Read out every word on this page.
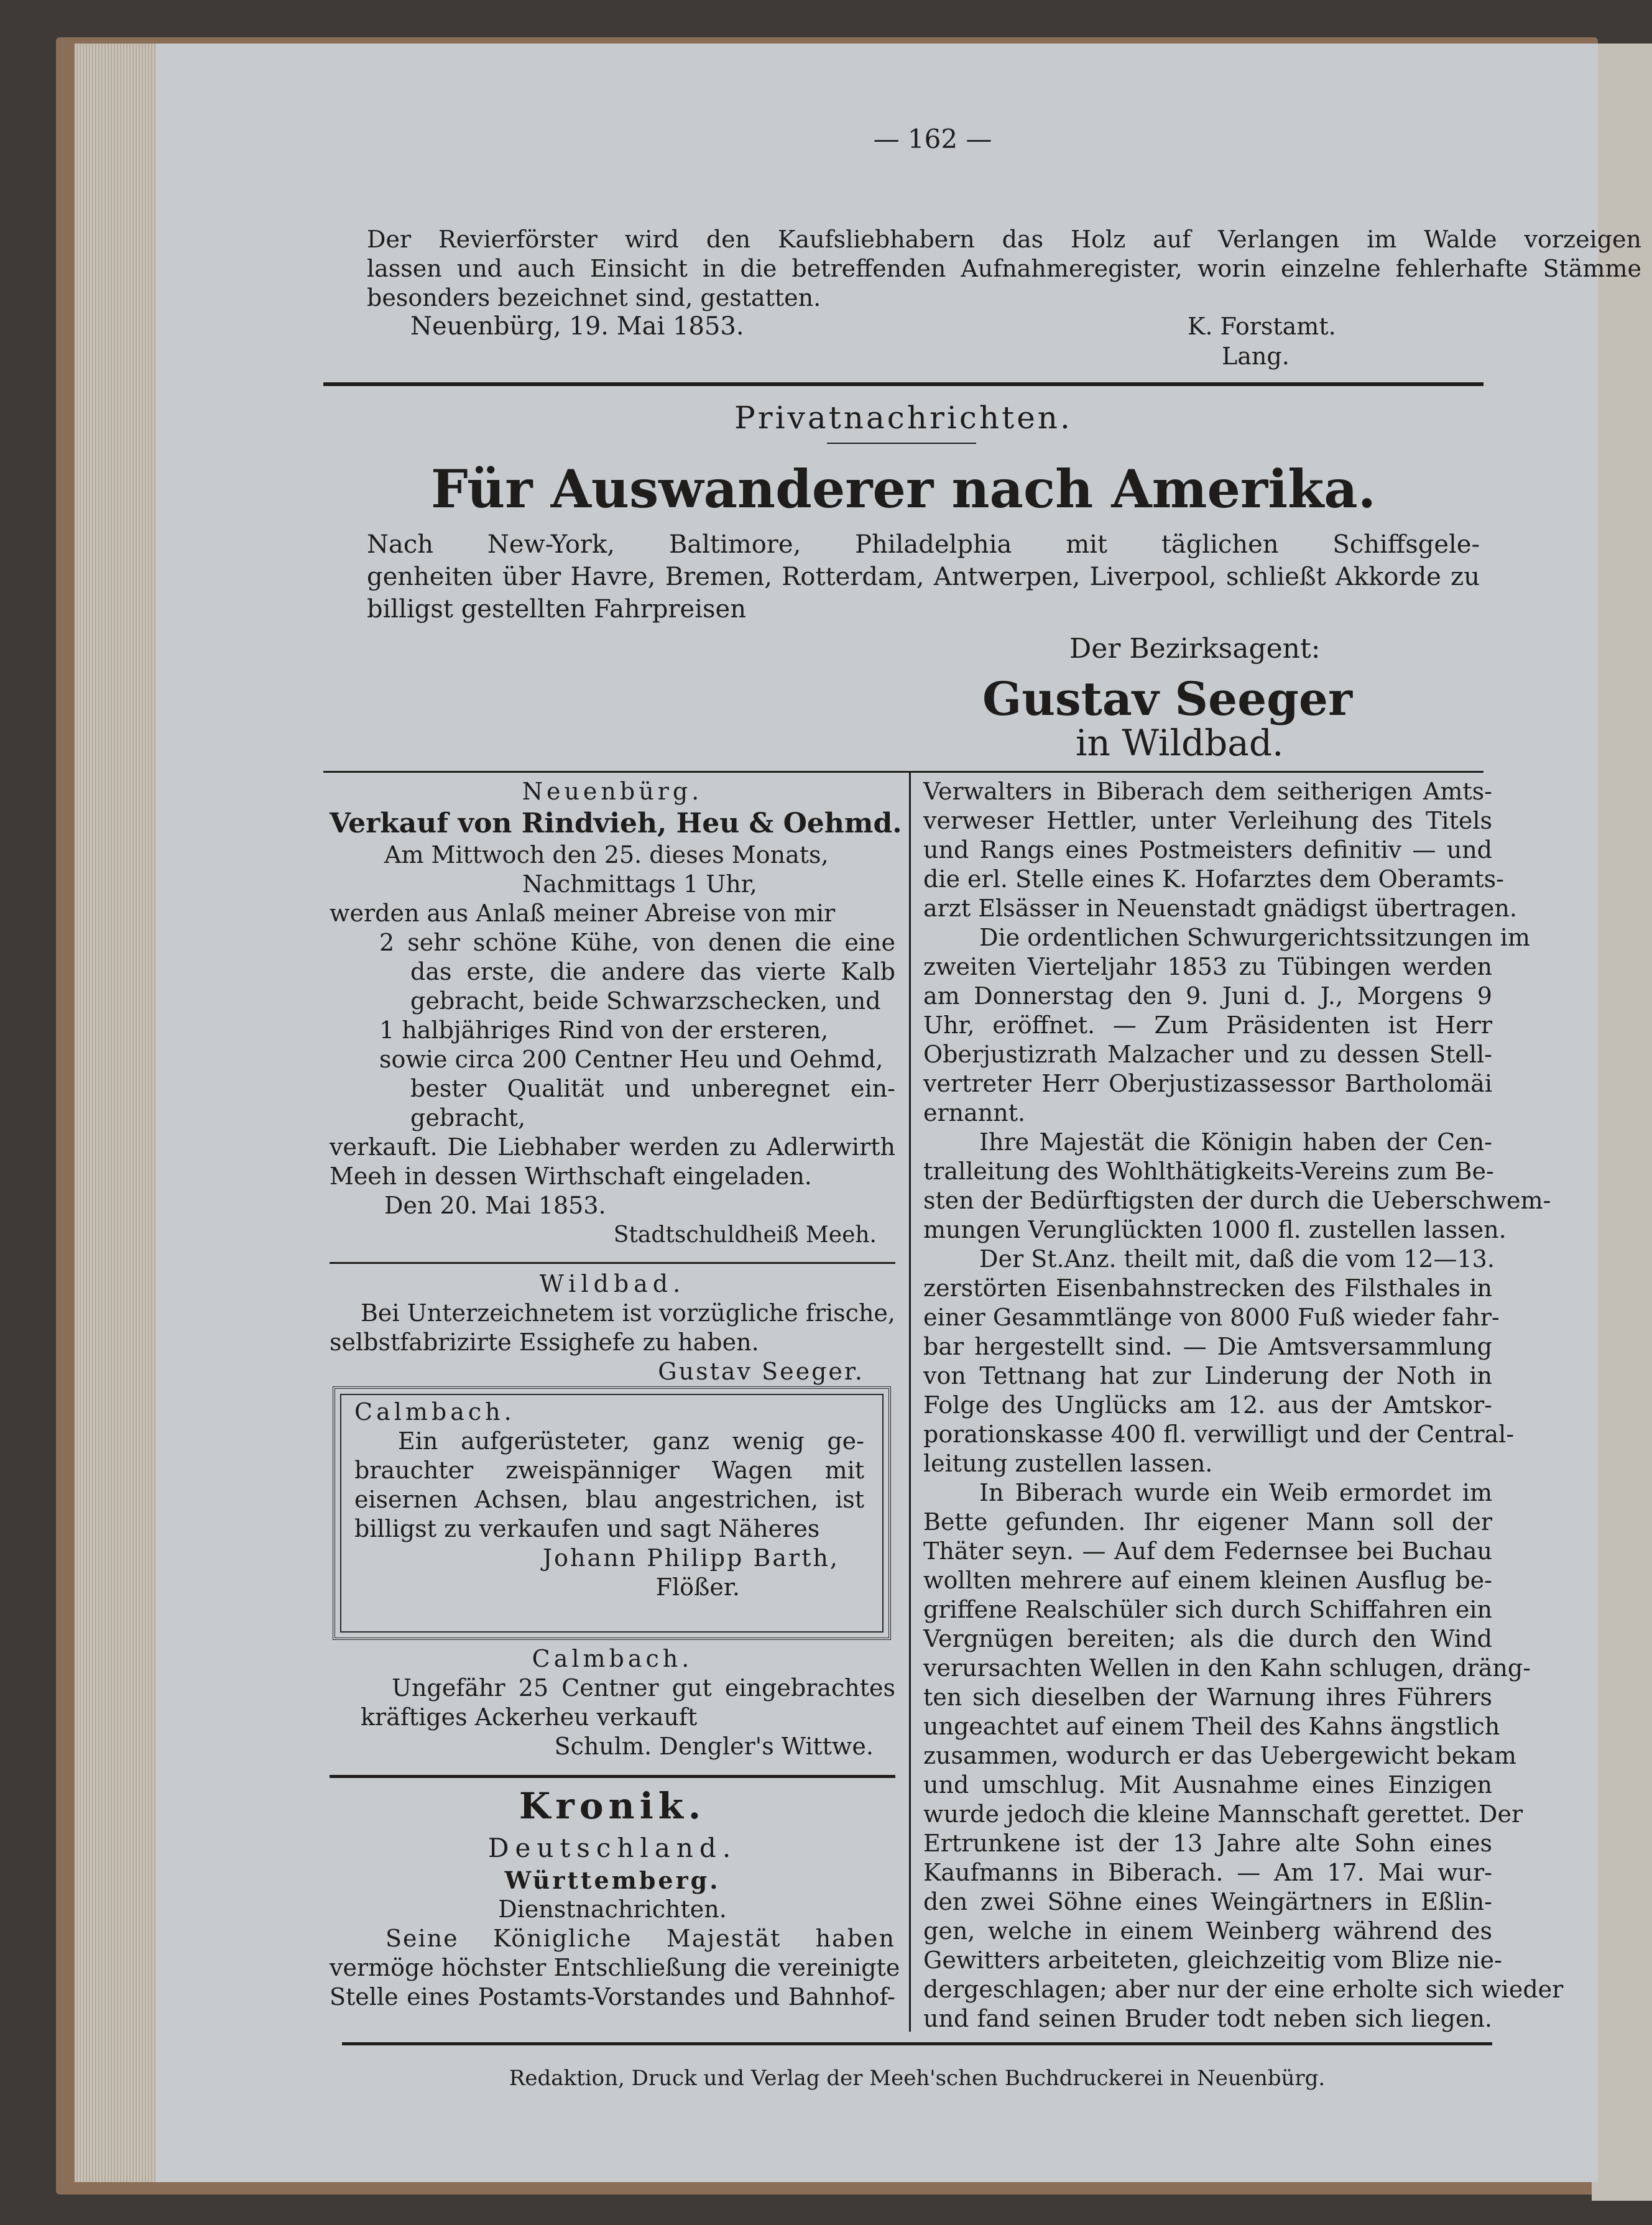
— 162 —
Der Revierförster wird den Kaufsliebhabern das Holz auf Verlangen im Walde vorzeigen
lassen und auch Einsicht in die betreffenden Aufnahmeregister, worin einzelne fehlerhafte Stämme
besonders bezeichnet sind, gestatten.
Neuenbürg, 19. Mai 1853.	K. Forstamt.
Lang.
Privatnachrichten.
Für Auswanderer nach Amerika.
Nach New-York, Baltimore, Philadelphia mit täglichen Schiffsgele-
genheiten über Havre, Bremen, Rotterdam, Antwerpen, Liverpool, schließt Akkorde zu
billigst gestellten Fahrpreisen
Der Bezirksagent:
Gustav Seeger
in Wildbad.
Neuenbürg.
Verkauf von Rindvieh, Heu & Oehmd.
Am Mittwoch den 25. dieses Monats,
Nachmittags 1 Uhr,
werden aus Anlaß meiner Abreise von mir
2 sehr schöne Kühe, von denen die eine
das erste, die andere das vierte Kalb
gebracht, beide Schwarzschecken, und
1 halbjähriges Rind von der ersteren,
sowie circa 200 Centner Heu und Oehmd,
bester Qualität und unberegnet ein-
gebracht,
verkauft. Die Liebhaber werden zu Adlerwirth
Meeh in dessen Wirthschaft eingeladen.
Den 20. Mai 1853.
Stadtschuldheiß Meeh.
Wildbad.
Bei Unterzeichnetem ist vorzügliche frische,
selbstfabrizirte Essighefe zu haben.
Gustav Seeger.
Calmbach.
Ein aufgerüsteter, ganz wenig ge-
brauchter zweispänniger Wagen mit
eisernen Achsen, blau angestrichen, ist
billigst zu verkaufen und sagt Näheres
Johann Philipp Barth,
Flößer.
Calmbach.
Ungefähr 25 Centner gut eingebrachtes
kräftiges Ackerheu verkauft
Schulm. Dengler's Wittwe.
Kronik.
Deutschland.
Württemberg.
Dienstnachrichten.
Seine Königliche Majestät haben
vermöge höchster Entschließung die vereinigte
Stelle eines Postamts-Vorstandes und Bahnhof-
Verwalters in Biberach dem seitherigen Amts-
verweser Hettler, unter Verleihung des Titels
und Rangs eines Postmeisters definitiv — und
die erl. Stelle eines K. Hofarztes dem Oberamts-
arzt Elsässer in Neuenstadt gnädigst übertragen.
Die ordentlichen Schwurgerichtssitzungen im
zweiten Vierteljahr 1853 zu Tübingen werden
am Donnerstag den 9. Juni d. J., Morgens 9
Uhr, eröffnet. — Zum Präsidenten ist Herr
Oberjustizrath Malzacher und zu dessen Stell-
vertreter Herr Oberjustizassessor Bartholomäi
ernannt.
Ihre Majestät die Königin haben der Cen-
tralleitung des Wohlthätigkeits-Vereins zum Be-
sten der Bedürftigsten der durch die Ueberschwem-
mungen Verunglückten 1000 fl. zustellen lassen.
Der St.Anz. theilt mit, daß die vom 12—13.
zerstörten Eisenbahnstrecken des Filsthales in
einer Gesammtlänge von 8000 Fuß wieder fahr-
bar hergestellt sind. — Die Amtsversammlung
von Tettnang hat zur Linderung der Noth in
Folge des Unglücks am 12. aus der Amtskor-
porationskasse 400 fl. verwilligt und der Central-
leitung zustellen lassen.
In Biberach wurde ein Weib ermordet im
Bette gefunden. Ihr eigener Mann soll der
Thäter seyn. — Auf dem Federnsee bei Buchau
wollten mehrere auf einem kleinen Ausflug be-
griffene Realschüler sich durch Schiffahren ein
Vergnügen bereiten; als die durch den Wind
verursachten Wellen in den Kahn schlugen, dräng-
ten sich dieselben der Warnung ihres Führers
ungeachtet auf einem Theil des Kahns ängstlich
zusammen, wodurch er das Uebergewicht bekam
und umschlug. Mit Ausnahme eines Einzigen
wurde jedoch die kleine Mannschaft gerettet. Der
Ertrunkene ist der 13 Jahre alte Sohn eines
Kaufmanns in Biberach. — Am 17. Mai wur-
den zwei Söhne eines Weingärtners in Eßlin-
gen, welche in einem Weinberg während des
Gewitters arbeiteten, gleichzeitig vom Blize nie-
dergeschlagen; aber nur der eine erholte sich wieder
und fand seinen Bruder todt neben sich liegen.
Redaktion, Druck und Verlag der Meeh'schen Buchdruckerei in Neuenbürg.
